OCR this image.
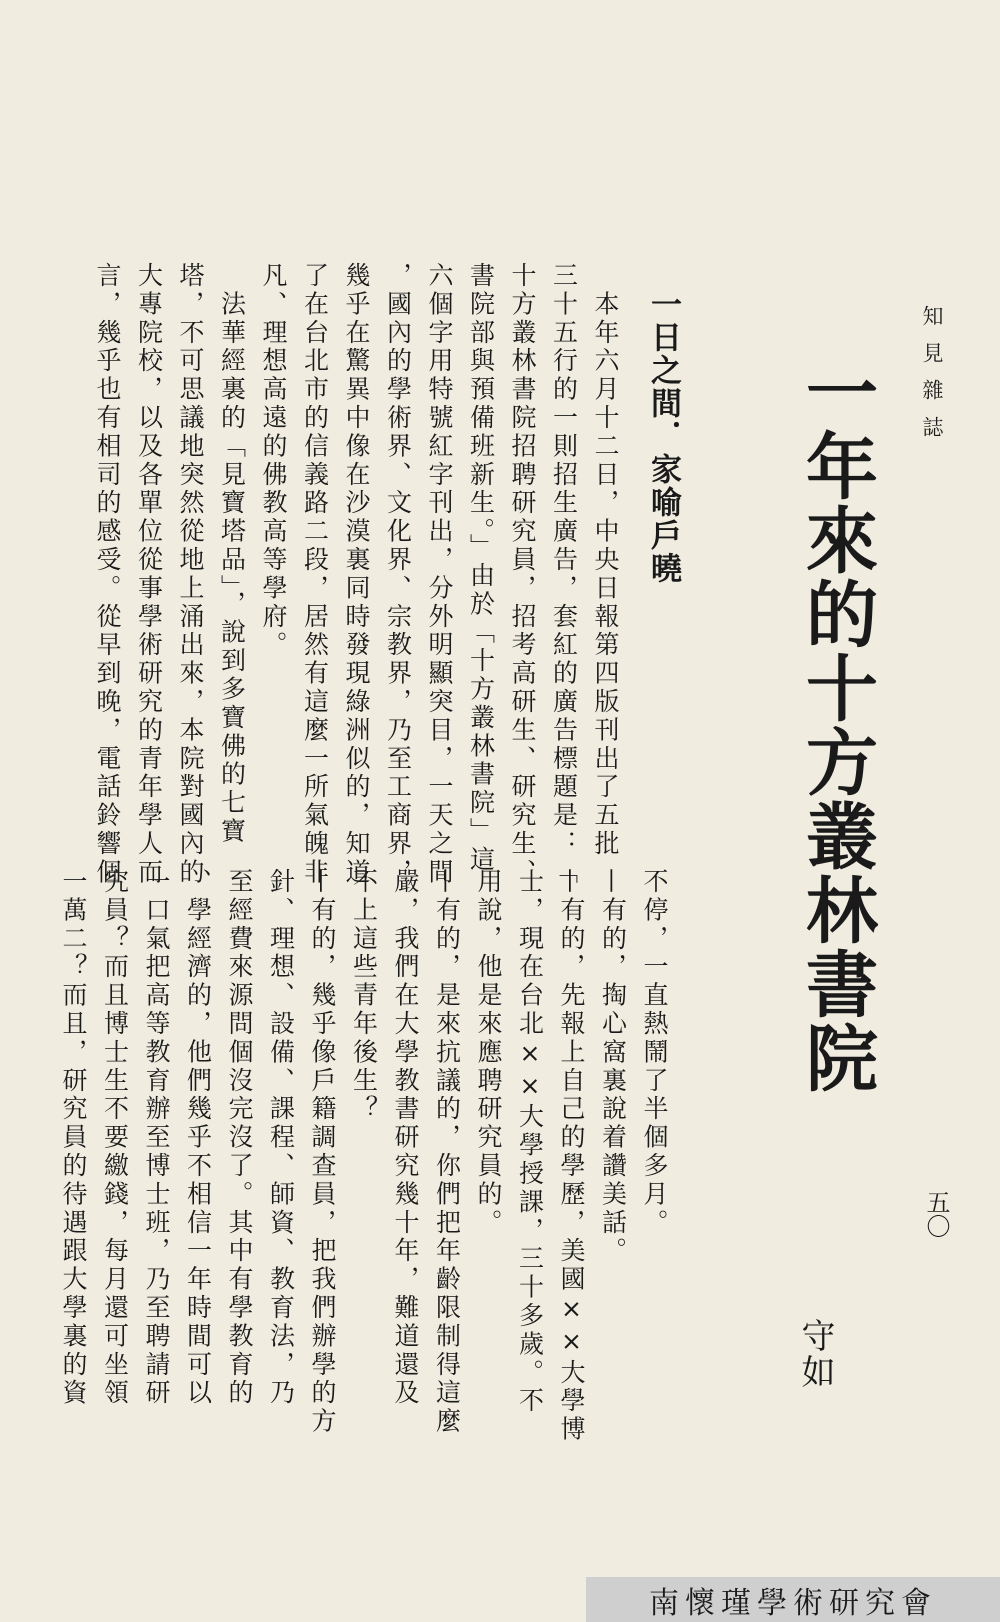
知見雜誌
五〇
一年來的十方叢林書院
守如
一日之間．家喻戶曉
　本年六月十二日，中央日報第四版刊出了五批
三十五行的一則招生廣告，套紅的廣告標題是：「
十方叢林書院招聘研究員，招考高研生、研究生、
書院部與預備班新生。」由於「十方叢林書院」這
六個字用特號紅字刊出，分外明顯突目，一天之間
，國內的學術界、文化界、宗教界，乃至工商界，
幾乎在驚異中像在沙漠裏同時發現綠洲似的，知道
了在台北市的信義路二段，居然有這麼一所氣魄非
凡、理想高遠的佛教高等學府。
　法華經裏的「見寶塔品」，說到多寶佛的七寶
塔，不可思議地突然從地上涌出來，本院對國內的
大專院校，以及各單位從事學術研究的青年學人而
言，幾乎也有相司的感受。從早到晚，電話鈴響個
不停，一直熱鬧了半個多月。
—有的，掏心窩裏說着讚美話。
—有的，先報上自己的學歷，美國××大學博
士，現在台北××大學授課，三十多歲。不
用說，他是來應聘研究員的。
—有的，是來抗議的，你們把年齡限制得這麼
嚴，我們在大學教書研究幾十年，難道還及
不上這些青年後生？
—有的，幾乎像戶籍調查員，把我們辦學的方
針、理想、設備、課程、師資、教育法，乃
至經費來源問個沒完沒了。其中有學教育的
、學經濟的，他們幾乎不相信一年時間可以
一口氣把高等教育辦至博士班，乃至聘請研
究員？而且博士生不要繳錢，每月還可坐領
一萬二？而且，研究員的待遇跟大學裏的資
南懷瑾學術研究會
